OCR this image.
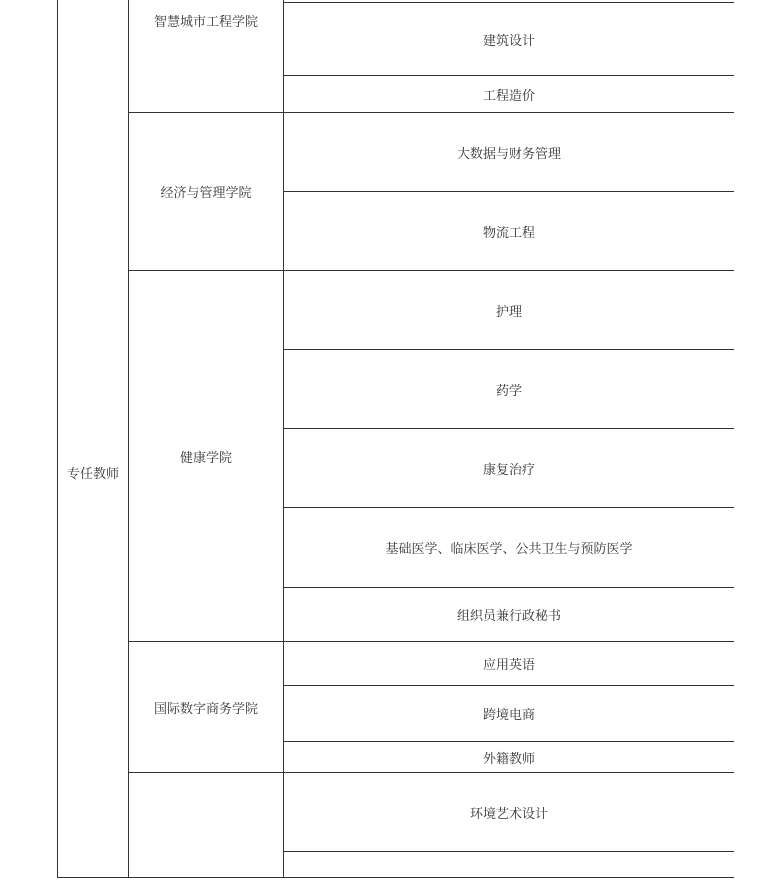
专任教师
智慧城市工程学院
经济与管理学院
健康学院
国际数字商务学院
建筑设计
工程造价
大数据与财务管理
物流工程
护理
药学
康复治疗
基础医学、临床医学、公共卫生与预防医学
组织员兼行政秘书
应用英语
跨境电商
外籍教师
环境艺术设计
